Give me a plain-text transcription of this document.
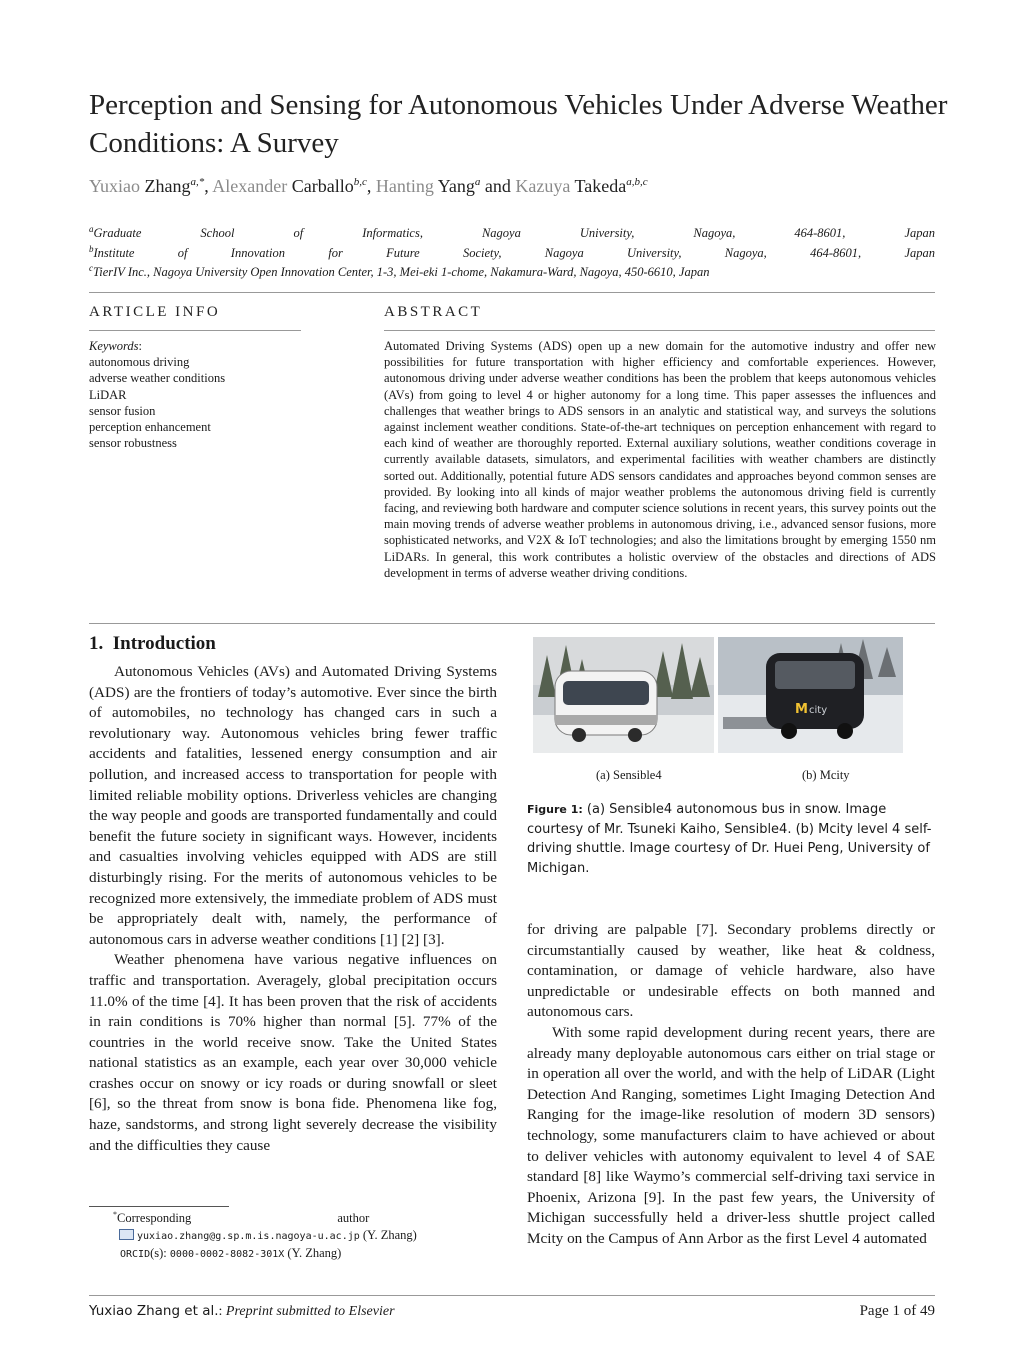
Perception and Sensing for Autonomous Vehicles Under Adverse Weather Conditions: A Survey
Yuxiao Zhang$^{a,*}$, Alexander Carballo$^{b,c}$, Hanting Yang$^a$ and Kazuya Takeda$^{a,b,c}$
$^a$Graduate School of Informatics, Nagoya University, Nagoya, 464-8601, Japan
$^b$Institute of Innovation for Future Society, Nagoya University, Nagoya, 464-8601, Japan
$^c$TierIV Inc., Nagoya University Open Innovation Center, 1-3, Mei-eki 1-chome, Nakamura-Ward, Nagoya, 450-6610, Japan
ARTICLE INFO
Keywords:
autonomous driving
adverse weather conditions
LiDAR
sensor fusion
perception enhancement
sensor robustness
ABSTRACT

Automated Driving Systems (ADS) open up a new domain for the automotive industry and offer new possibilities for future transportation with higher efficiency and comfortable experiences. However, autonomous driving under adverse weather conditions has been the problem that keeps autonomous vehicles (AVs) from going to level 4 or higher autonomy for a long time. This paper assesses the influences and challenges that weather brings to ADS sensors in an analytic and statistical way, and surveys the solutions against inclement weather conditions. State-of-the-art techniques on perception enhancement with regard to each kind of weather are thoroughly reported. External auxiliary solutions, weather conditions coverage in currently available datasets, simulators, and experimental facilities with weather chambers are distinctly sorted out. Additionally, potential future ADS sensors candidates and approaches beyond common senses are provided. By looking into all kinds of major weather problems the autonomous driving field is currently facing, and reviewing both hardware and computer science solutions in recent years, this survey points out the main moving trends of adverse weather problems in autonomous driving, i.e., advanced sensor fusions, more sophisticated networks, and V2X & IoT technologies; and also the limitations brought by emerging 1550 nm LiDARs. In general, this work contributes a holistic overview of the obstacles and directions of ADS development in terms of adverse weather driving conditions.

1. Introduction

Autonomous Vehicles (AVs) and Automated Driving Systems (ADS) are the frontiers of today’s automotive. Ever since the birth of automobiles, no technology has changed cars in such a revolutionary way. Autonomous vehicles bring fewer traffic accidents and fatalities, lessened energy consumption and air pollution, and increased access to transportation for people with limited reliable mobility options. Driverless vehicles are changing the way people and goods are transported fundamentally and could benefit the future society in significant ways. However, incidents and casualties involving vehicles equipped with ADS are still disturbingly rising. For the merits of autonomous vehicles to be recognized more extensively, the immediate problem of ADS must be appropriately dealt with, namely, the performance of autonomous cars in adverse weather conditions [1] [2] [3].

Weather phenomena have various negative influences on traffic and transportation. Averagely, global precipitation occurs 11.0% of the time [4]. It has been proven that the risk of accidents in rain conditions is 70% higher than normal [5]. 77% of the countries in the world receive snow. Take the United States national statistics as an example, each year over 30,000 vehicle crashes occur on snowy or icy roads or during snowfall or sleet [6], so the threat from snow is bona fide. Phenomena like fog, haze, sandstorms, and strong light severely decrease the visibility and the difficulties they cause

M city
(a) Sensible4	(b) Mcity
Figure 1: (a) Sensible4 autonomous bus in snow. Image courtesy of Mr. Tsuneki Kaiho, Sensible4. (b) Mcity level 4 self-driving shuttle. Image courtesy of Dr. Huei Peng, University of Michigan.

for driving are palpable [7]. Secondary problems directly or circumstantially caused by weather, like heat & coldness, contamination, or damage of vehicle hardware, also have unpredictable or undesirable effects on both manned and autonomous cars.

With some rapid development during recent years, there are already many deployable autonomous cars either on trial stage or in operation all over the world, and with the help of LiDAR (Light Detection And Ranging, sometimes Light Imaging Detection And Ranging for the image-like resolution of modern 3D sensors) technology, some manufacturers claim to have achieved or about to deliver vehicles with autonomy equivalent to level 4 of SAE standard [8] like Waymo’s commercial self-driving taxi service in Phoenix, Arizona [9]. In the past few years, the University of Michigan successfully held a driver-less shuttle project called Mcity on the Campus of Ann Arbor as the first Level 4 automated

*Corresponding	author
yuxiao.zhang@g.sp.m.is.nagoya-u.ac.jp (Y. Zhang)
ORCID(s): 0000-0002-8082-301X (Y. Zhang)
Yuxiao Zhang et al.: Preprint submitted to Elsevier	Page 1 of 49
